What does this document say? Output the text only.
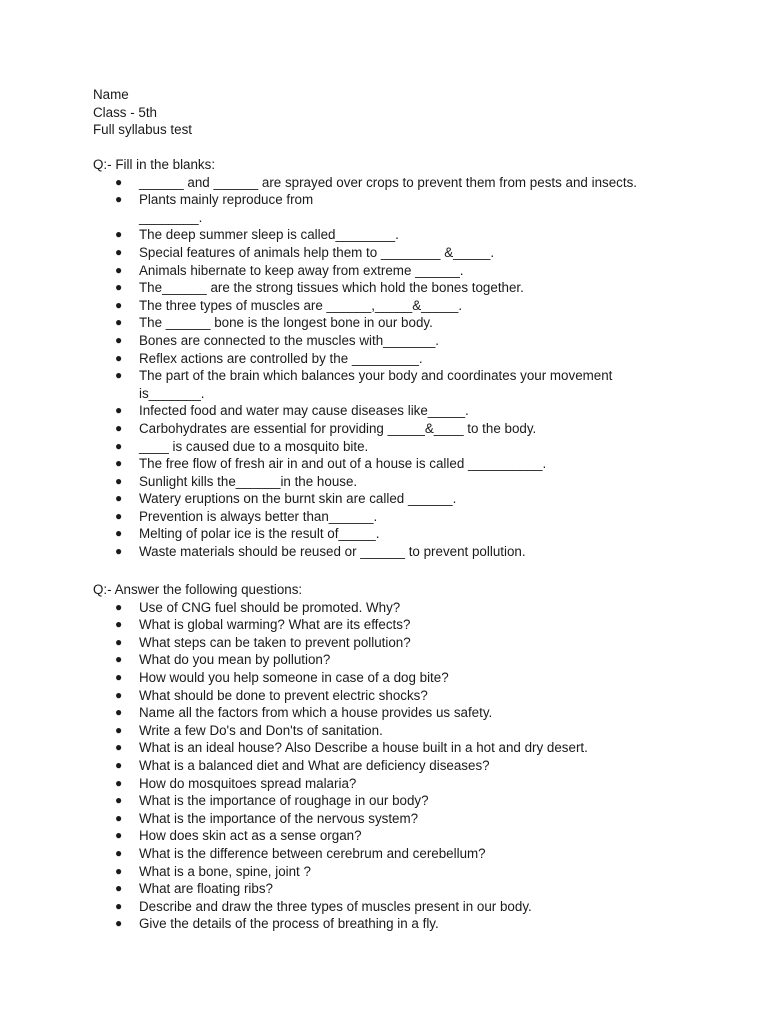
Name
Class - 5th
Full syllabus test
Q:- Fill in the blanks:
● ______ and ______ are sprayed over crops to prevent them from pests and insects.
● Plants mainly reproduce from ________.
● The deep summer sleep is called________.
● Special features of animals help them to ________ &_____.
● Animals hibernate to keep away from extreme ______.
● The______ are the strong tissues which hold the bones together.
● The three types of muscles are ______,_____&_____.
● The ______ bone is the longest bone in our body.
● Bones are connected to the muscles with_______.
● Reflex actions are controlled by the _________.
● The part of the brain which balances your body and coordinates your movement is_______.
● Infected food and water may cause diseases like_____.
● Carbohydrates are essential for providing _____&____ to the body.
● ____ is caused due to a mosquito bite.
● The free flow of fresh air in and out of a house is called __________.
● Sunlight kills the______in the house.
● Watery eruptions on the burnt skin are called ______.
● Prevention is always better than______.
● Melting of polar ice is the result of_____.
● Waste materials should be reused or ______ to prevent pollution.
Q:- Answer the following questions:
● Use of CNG fuel should be promoted. Why?
● What is global warming? What are its effects?
● What steps can be taken to prevent pollution?
● What do you mean by pollution?
● How would you help someone in case of a dog bite?
● What should be done to prevent electric shocks?
● Name all the factors from which a house provides us safety.
● Write a few Do's and Don'ts of sanitation.
● What is an ideal house? Also Describe a house built in a hot and dry desert.
● What is a balanced diet and What are deficiency diseases?
● How do mosquitoes spread malaria?
● What is the importance of roughage in our body?
● What is the importance of the nervous system?
● How does skin act as a sense organ?
● What is the difference between cerebrum and cerebellum?
● What is a bone, spine, joint ?
● What are floating ribs?
● Describe and draw the three types of muscles present in our body.
● Give the details of the process of breathing in a fly.
